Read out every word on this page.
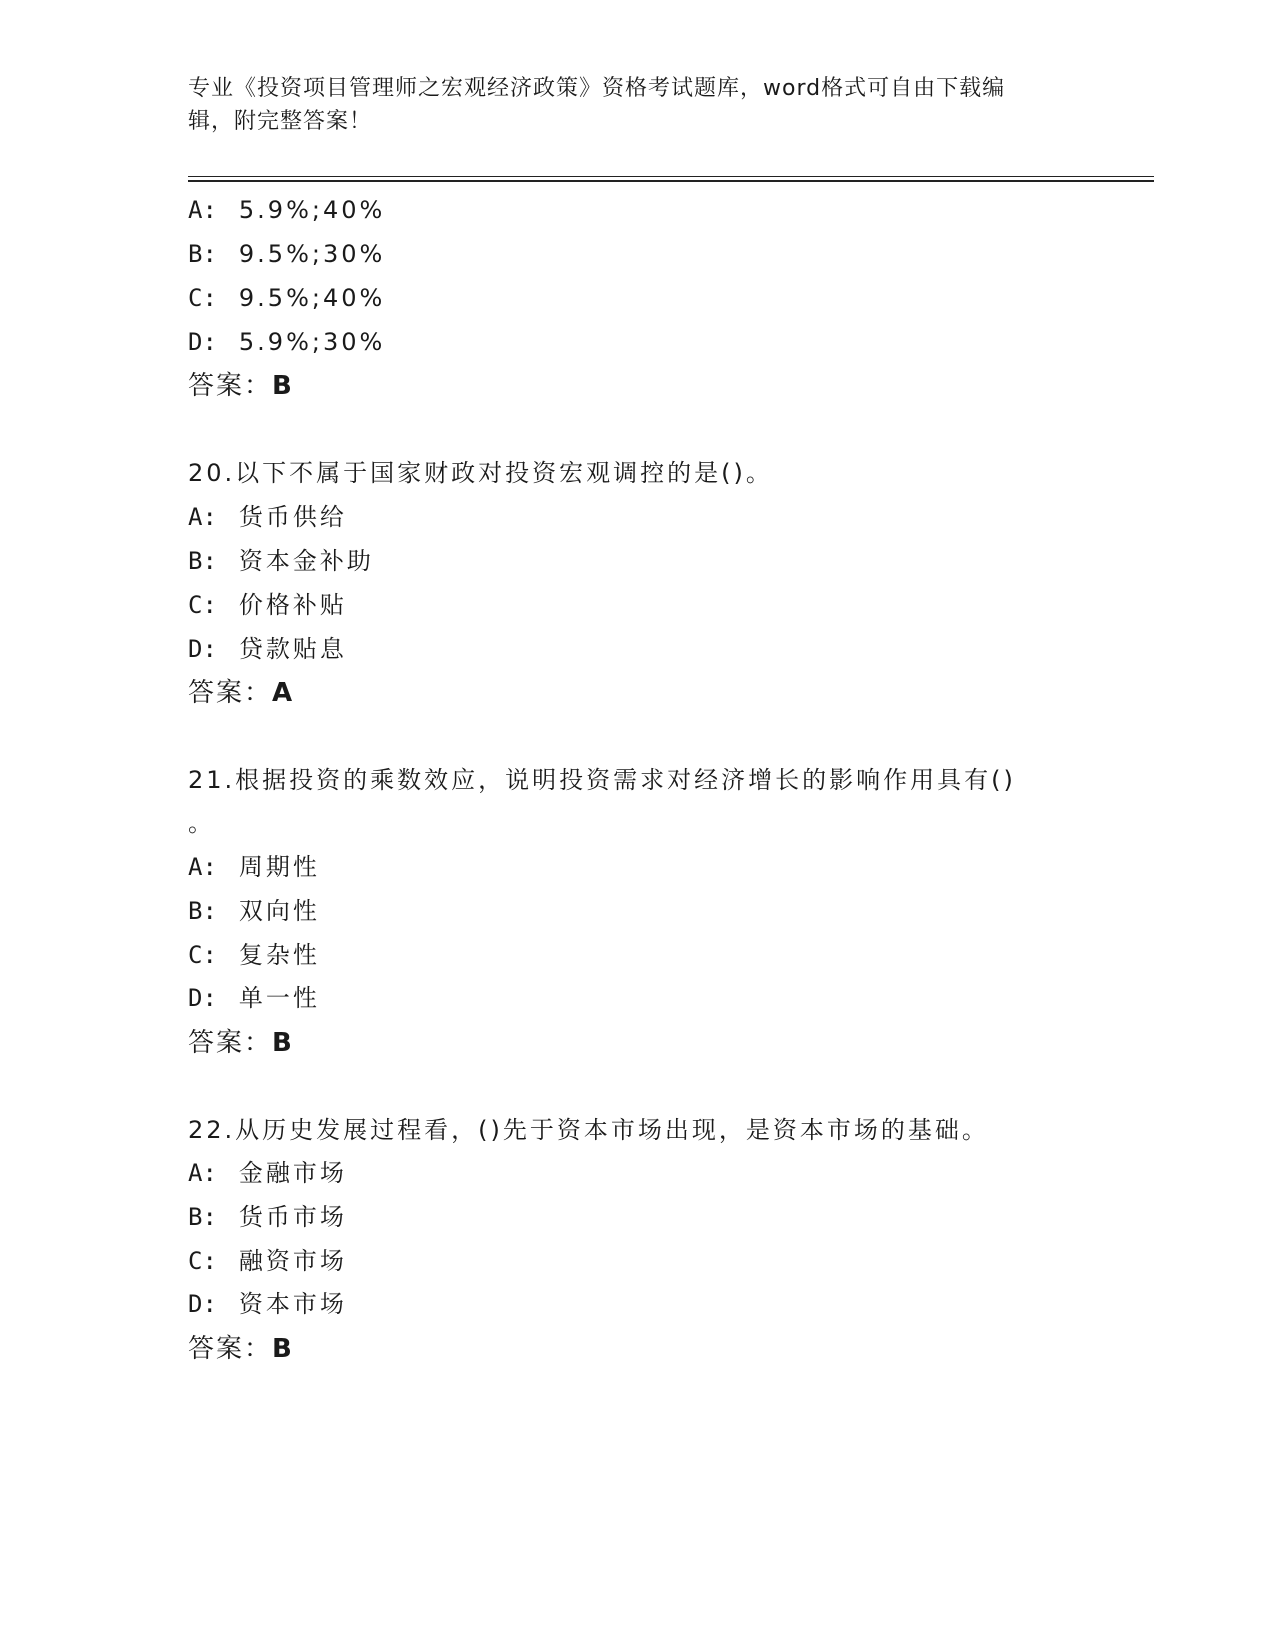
专业《投资项目管理师之宏观经济政策》资格考试题库，word格式可自由下载编
辑，附完整答案！
A: 5.9%;40%
B: 9.5%;30%
C: 9.5%;40%
D: 5.9%;30%
答案：B
20.以下不属于国家财政对投资宏观调控的是()。
A: 货币供给
B: 资本金补助
C: 价格补贴
D: 贷款贴息
答案：A
21.根据投资的乘数效应，说明投资需求对经济增长的影响作用具有()
。
A: 周期性
B: 双向性
C: 复杂性
D: 单一性
答案：B
22.从历史发展过程看，()先于资本市场出现，是资本市场的基础。
A: 金融市场
B: 货币市场
C: 融资市场
D: 资本市场
答案：B
